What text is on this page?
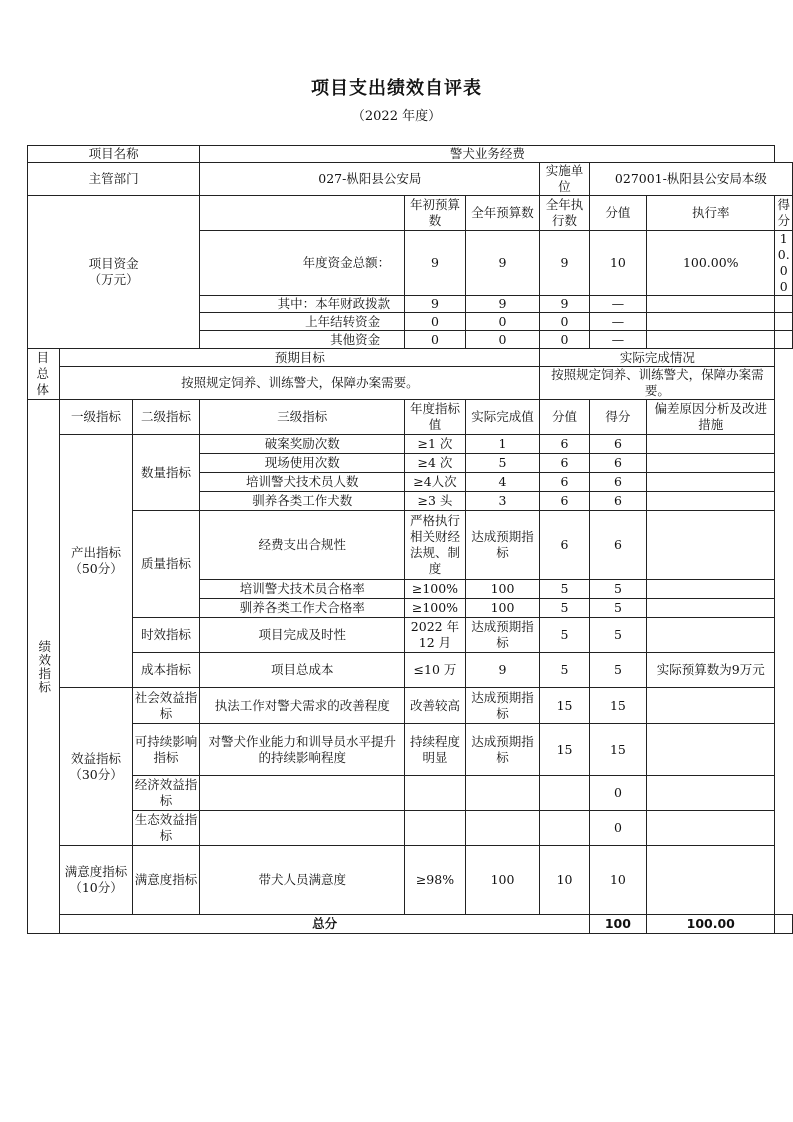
项目支出绩效自评表
（2022 年度）
项目名称			警犬业务经费						
主管部门			027-枞阳县公安局			实施单位	027001-枞阳县公安局本级		
项目资金
（万元）				年初预算数	全年预算数	全年执行数	分值	执行率	得分
			年度资金总额：	9	9	9	10	100.00%	10.00
			其中：本年财政拨款	9	9	9	—		
			上年结转资金	0	0	0	—		
			其他资金	0	0	0	—		
目总体	预期目标					实际完成情况			
	按照规定饲养、训练警犬，保障办案需要。					按照规定饲养、训练警犬，保障办案需要。			
绩效指标	一级指标	二级指标	三级指标	年度指标值	实际完成值	分值	得分	偏差原因分析及改进措施	
	产出指标（50分）	数量指标	破案奖励次数	≥1 次	1	6	6		
			现场使用次数	≥4 次	5	6	6		
			培训警犬技术员人数	≥4人次	4	6	6		
			驯养各类工作犬数	≥3 头	3	6	6		
		质量指标	经费支出合规性	严格执行相关财经法规、制度	达成预期指标	6	6		
			培训警犬技术员合格率	≥100%	100	5	5		
			驯养各类工作犬合格率	≥100%	100	5	5		
		时效指标	项目完成及时性	2022 年 12 月	达成预期指标	5	5		
		成本指标	项目总成本	≤10 万	9	5	5	实际预算数为9万元	
	效益指标（30分）	社会效益指标	执法工作对警犬需求的改善程度	改善较高	达成预期指标	15	15		
		可持续影响指标	对警犬作业能力和训导员水平提升的持续影响程度	持续程度明显	达成预期指标	15	15		
		经济效益指标					0		
		生态效益指标					0		
	满意度指标（10分）	满意度指标	带犬人员满意度	≥98%	100	10	10		
	总分						100	100.00	
